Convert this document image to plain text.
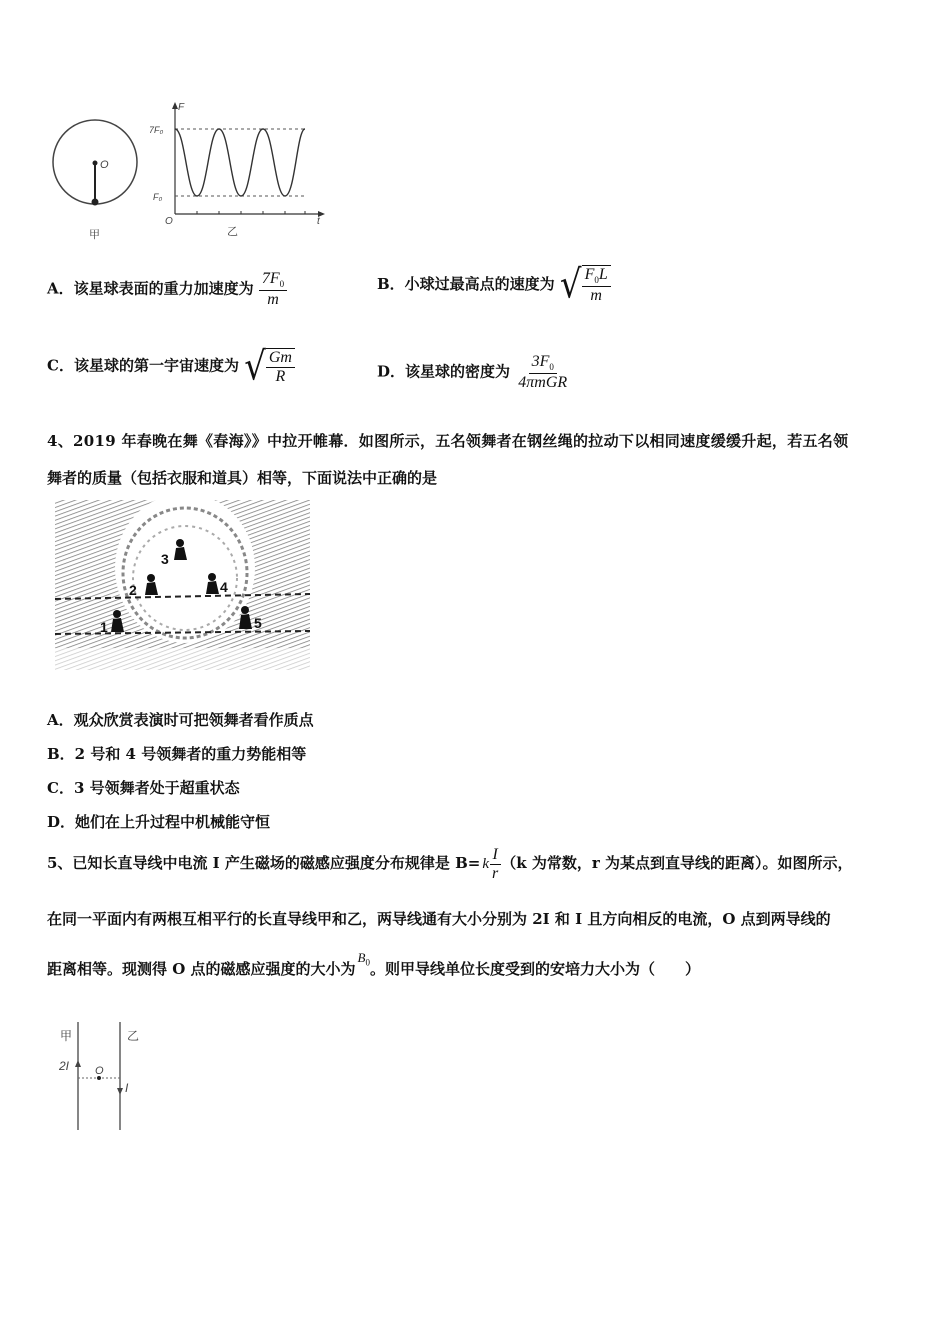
O
甲
F
t
O
7F₀
F₀
乙
A．该星球表面的重力加速度为 $\frac{7F_0}{m}$	B．小球过最高点的速度为 √ $\frac{F_0L}{m}$
C．该星球的第一宇宙速度为 √ $\frac{Gm}{R}$	D．该星球的密度为 $\frac{3F_0}{\text{4πmGR}}$
4、2019 年春晚在舞《春海》》中拉开帷幕．如图所示，五名领舞者在钢丝绳的拉动下以相同速度缓缓升起，若五名领
舞者的质量（包括衣服和道具）相等，下面说法中正确的是
1
2
3
4
5
A．观众欣赏表演时可把领舞者看作质点
B．2 号和 4 号领舞者的重力势能相等
C．3 号领舞者处于超重状态
D．她们在上升过程中机械能守恒
5、已知长直导线中电流 I 产生磁场的磁感应强度分布规律是 B= k $\frac{I}{r} (k$ 为常数，r 为某点到直导线的距离）。如图所示，
在同一平面内有两根互相平行的长直导线甲和乙，两导线通有大小分别为 2I 和 I 且方向相反的电流，O 点到两导线的
距离相等。现测得 O 点的磁感应强度的大小为$B_0$。则甲导线单位长度受到的安培力大小为（　　）
甲	乙
2I O
I
